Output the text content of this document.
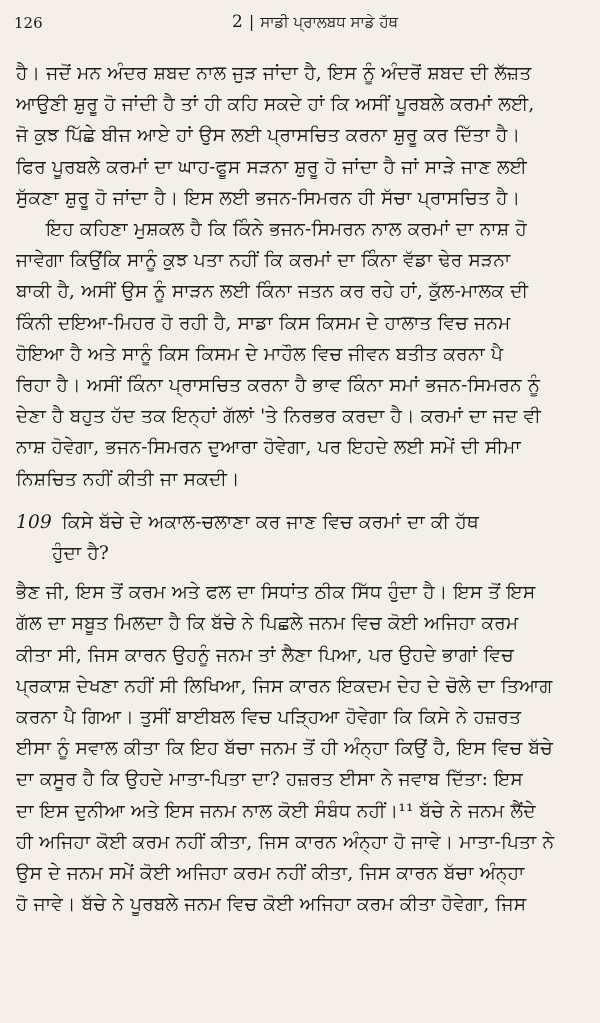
126	2 | ਸਾਡੀ ਪ੍ਰਾਲਬਧ ਸਾਡੇ ਹੱਥ
ਹੈ। ਜਦੋਂ ਮਨ ਅੰਦਰ ਸ਼ਬਦ ਨਾਲ ਜੁੜ ਜਾਂਦਾ ਹੈ, ਇਸ ਨੂੰ ਅੰਦਰੋਂ ਸ਼ਬਦ ਦੀ ਲੱਜ਼ਤ
ਆਉਣੀ ਸ਼ੁਰੂ ਹੋ ਜਾਂਦੀ ਹੈ ਤਾਂ ਹੀ ਕਹਿ ਸਕਦੇ ਹਾਂ ਕਿ ਅਸੀਂ ਪੂਰਬਲੇ ਕਰਮਾਂ ਲਈ,
ਜੋ ਕੁਝ ਪਿੱਛੇ ਬੀਜ ਆਏ ਹਾਂ ਉਸ ਲਈ ਪ੍ਰਾਸਚਿਤ ਕਰਨਾ ਸ਼ੁਰੂ ਕਰ ਦਿੱਤਾ ਹੈ।
ਫਿਰ ਪੂਰਬਲੇ ਕਰਮਾਂ ਦਾ ਘਾਹ-ਫੂਸ ਸੜਨਾ ਸ਼ੁਰੂ ਹੋ ਜਾਂਦਾ ਹੈ ਜਾਂ ਸਾੜੇ ਜਾਣ ਲਈ
ਸੁੱਕਣਾ ਸ਼ੁਰੂ ਹੋ ਜਾਂਦਾ ਹੈ। ਇਸ ਲਈ ਭਜਨ-ਸਿਮਰਨ ਹੀ ਸੱਚਾ ਪ੍ਰਾਸਚਿਤ ਹੈ।
ਇਹ ਕਹਿਣਾ ਮੁਸ਼ਕਲ ਹੈ ਕਿ ਕਿੰਨੇ ਭਜਨ-ਸਿਮਰਨ ਨਾਲ ਕਰਮਾਂ ਦਾ ਨਾਸ਼ ਹੋ
ਜਾਵੇਗਾ ਕਿਉਂਕਿ ਸਾਨੂੰ ਕੁਝ ਪਤਾ ਨਹੀਂ ਕਿ ਕਰਮਾਂ ਦਾ ਕਿੰਨਾ ਵੱਡਾ ਢੇਰ ਸੜਨਾ
ਬਾਕੀ ਹੈ, ਅਸੀਂ ਉਸ ਨੂੰ ਸਾੜਨ ਲਈ ਕਿੰਨਾ ਜਤਨ ਕਰ ਰਹੇ ਹਾਂ, ਕੁੱਲ-ਮਾਲਕ ਦੀ
ਕਿੰਨੀ ਦਇਆ-ਮਿਹਰ ਹੋ ਰਹੀ ਹੈ, ਸਾਡਾ ਕਿਸ ਕਿਸਮ ਦੇ ਹਾਲਾਤ ਵਿਚ ਜਨਮ
ਹੋਇਆ ਹੈ ਅਤੇ ਸਾਨੂੰ ਕਿਸ ਕਿਸਮ ਦੇ ਮਾਹੌਲ ਵਿਚ ਜੀਵਨ ਬਤੀਤ ਕਰਨਾ ਪੈ
ਰਿਹਾ ਹੈ। ਅਸੀਂ ਕਿੰਨਾ ਪ੍ਰਾਸਚਿਤ ਕਰਨਾ ਹੈ ਭਾਵ ਕਿੰਨਾ ਸਮਾਂ ਭਜਨ-ਸਿਮਰਨ ਨੂੰ
ਦੇਣਾ ਹੈ ਬਹੁਤ ਹੱਦ ਤਕ ਇਨ੍ਹਾਂ ਗੱਲਾਂ 'ਤੇ ਨਿਰਭਰ ਕਰਦਾ ਹੈ। ਕਰਮਾਂ ਦਾ ਜਦ ਵੀ
ਨਾਸ਼ ਹੋਵੇਗਾ, ਭਜਨ-ਸਿਮਰਨ ਦੁਆਰਾ ਹੋਵੇਗਾ, ਪਰ ਇਹਦੇ ਲਈ ਸਮੇਂ ਦੀ ਸੀਮਾ
ਨਿਸ਼ਚਿਤ ਨਹੀਂ ਕੀਤੀ ਜਾ ਸਕਦੀ।
109 ਕਿਸੇ ਬੱਚੇ ਦੇ ਅਕਾਲ-ਚਲਾਣਾ ਕਰ ਜਾਣ ਵਿਚ ਕਰਮਾਂ ਦਾ ਕੀ ਹੱਥ
ਹੁੰਦਾ ਹੈ?
ਭੈਣ ਜੀ, ਇਸ ਤੋਂ ਕਰਮ ਅਤੇ ਫਲ ਦਾ ਸਿਧਾਂਤ ਠੀਕ ਸਿੱਧ ਹੁੰਦਾ ਹੈ। ਇਸ ਤੋਂ ਇਸ
ਗੱਲ ਦਾ ਸਬੂਤ ਮਿਲਦਾ ਹੈ ਕਿ ਬੱਚੇ ਨੇ ਪਿਛਲੇ ਜਨਮ ਵਿਚ ਕੋਈ ਅਜਿਹਾ ਕਰਮ
ਕੀਤਾ ਸੀ, ਜਿਸ ਕਾਰਨ ਉਹਨੂੰ ਜਨਮ ਤਾਂ ਲੈਣਾ ਪਿਆ, ਪਰ ਉਹਦੇ ਭਾਗਾਂ ਵਿਚ
ਪ੍ਰਕਾਸ਼ ਦੇਖਣਾ ਨਹੀਂ ਸੀ ਲਿਖਿਆ, ਜਿਸ ਕਾਰਨ ਇਕਦਮ ਦੇਹ ਦੇ ਚੋਲੇ ਦਾ ਤਿਆਗ
ਕਰਨਾ ਪੈ ਗਿਆ। ਤੁਸੀਂ ਬਾਈਬਲ ਵਿਚ ਪੜ੍ਹਿਆ ਹੋਵੇਗਾ ਕਿ ਕਿਸੇ ਨੇ ਹਜ਼ਰਤ
ਈਸਾ ਨੂੰ ਸਵਾਲ ਕੀਤਾ ਕਿ ਇਹ ਬੱਚਾ ਜਨਮ ਤੋਂ ਹੀ ਅੰਨ੍ਹਾ ਕਿਉਂ ਹੈ, ਇਸ ਵਿਚ ਬੱਚੇ
ਦਾ ਕਸੂਰ ਹੈ ਕਿ ਉਹਦੇ ਮਾਤਾ-ਪਿਤਾ ਦਾ? ਹਜ਼ਰਤ ਈਸਾ ਨੇ ਜਵਾਬ ਦਿੱਤਾ: ਇਸ
ਦਾ ਇਸ ਦੁਨੀਆ ਅਤੇ ਇਸ ਜਨਮ ਨਾਲ ਕੋਈ ਸੰਬੰਧ ਨਹੀਂ।¹¹ ਬੱਚੇ ਨੇ ਜਨਮ ਲੈਂਦੇ
ਹੀ ਅਜਿਹਾ ਕੋਈ ਕਰਮ ਨਹੀਂ ਕੀਤਾ, ਜਿਸ ਕਾਰਨ ਅੰਨ੍ਹਾ ਹੋ ਜਾਵੇ। ਮਾਤਾ-ਪਿਤਾ ਨੇ
ਉਸ ਦੇ ਜਨਮ ਸਮੇਂ ਕੋਈ ਅਜਿਹਾ ਕਰਮ ਨਹੀਂ ਕੀਤਾ, ਜਿਸ ਕਾਰਨ ਬੱਚਾ ਅੰਨ੍ਹਾ
ਹੋ ਜਾਵੇ। ਬੱਚੇ ਨੇ ਪੂਰਬਲੇ ਜਨਮ ਵਿਚ ਕੋਈ ਅਜਿਹਾ ਕਰਮ ਕੀਤਾ ਹੋਵੇਗਾ, ਜਿਸ
